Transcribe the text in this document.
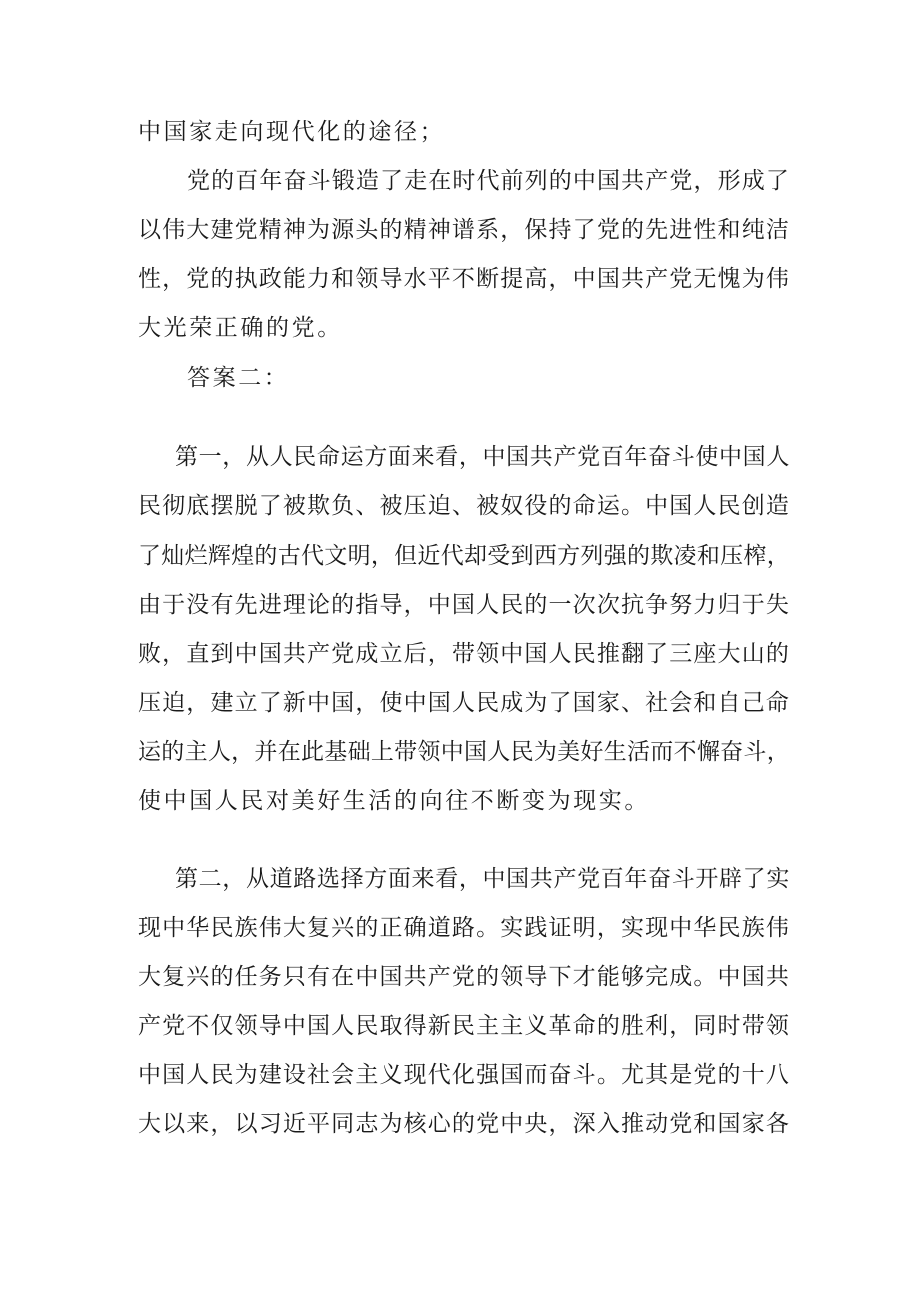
中国家走向现代化的途径；
党的百年奋斗锻造了走在时代前列的中国共产党，形成了
以伟大建党精神为源头的精神谱系，保持了党的先进性和纯洁
性，党的执政能力和领导水平不断提高，中国共产党无愧为伟
大光荣正确的党。
答案二：
第一，从人民命运方面来看，中国共产党百年奋斗使中国人
民彻底摆脱了被欺负、被压迫、被奴役的命运。中国人民创造
了灿烂辉煌的古代文明，但近代却受到西方列强的欺凌和压榨，
由于没有先进理论的指导，中国人民的一次次抗争努力归于失
败，直到中国共产党成立后，带领中国人民推翻了三座大山的
压迫，建立了新中国，使中国人民成为了国家、社会和自己命
运的主人，并在此基础上带领中国人民为美好生活而不懈奋斗，
使中国人民对美好生活的向往不断变为现实。
第二，从道路选择方面来看，中国共产党百年奋斗开辟了实
现中华民族伟大复兴的正确道路。实践证明，实现中华民族伟
大复兴的任务只有在中国共产党的领导下才能够完成。中国共
产党不仅领导中国人民取得新民主主义革命的胜利，同时带领
中国人民为建设社会主义现代化强国而奋斗。尤其是党的十八
大以来，以习近平同志为核心的党中央，深入推动党和国家各
